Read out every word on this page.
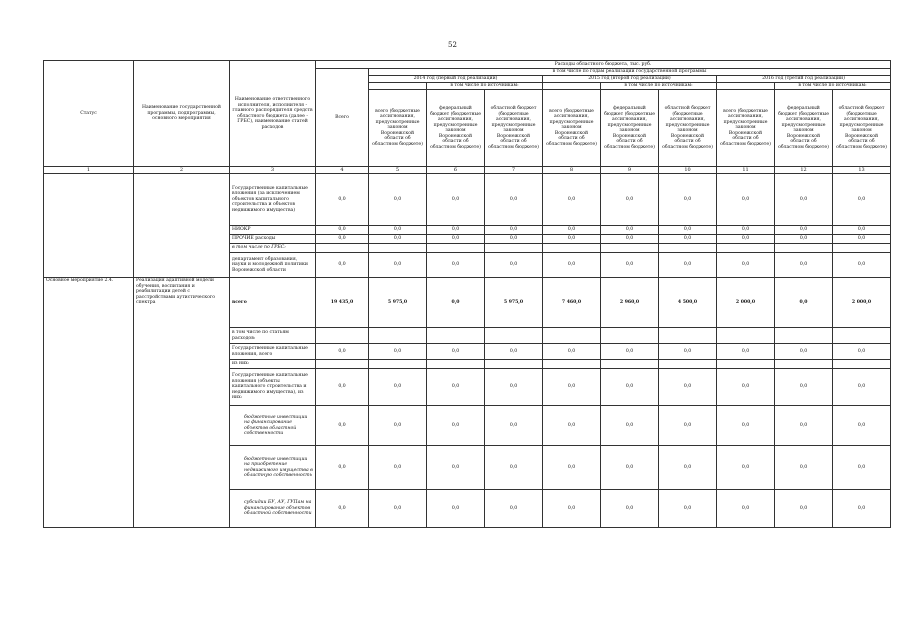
52
Статус	Наименование государственной программы, подпрограммы, основного мероприятия	Наименование ответственного исполнителя, исполнителя - главного распорядителя средств областного бюджета (далее - ГРБС), наименование статей расходов	Расходы областного бюджета, тыс. руб.									
			Всего	в том числе по годам реализации государственной программы								
				2014 год (первый год реализации)			2015 год (второй год реализации)			2016 год (третий год реализации)		
					в том числе по источникам:			в том числе по источникам:			в том числе по источникам:	
				всего (бюджетные ассигнования, предусмотренные законом Воронежской области об областном бюджете)	федеральный бюджет (бюджетные ассигнования, предусмотренные законом Воронежской области об областном бюджете)	областной бюджет (бюджетные ассигнования, предусмотренные законом Воронежской области об областном бюджете)	всего (бюджетные ассигнования, предусмотренные законом Воронежской области об областном бюджете)	федеральный бюджет (бюджетные ассигнования, предусмотренные законом Воронежской области об областном бюджете)	областной бюджет (бюджетные ассигнования, предусмотренные законом Воронежской области об областном бюджете)	всего (бюджетные ассигнования, предусмотренные законом Воронежской области об областном бюджете)	федеральный бюджет (бюджетные ассигнования, предусмотренные законом Воронежской области об областном бюджете)	областной бюджет (бюджетные ассигнования, предусмотренные законом Воронежской области об областном бюджете)
1	2	3	4	5	6	7	8	9	10	11	12	13
		Государственные капитальные вложения (за исключением объектов капитального строительства и объектов недвижимого имущества)	0,0	0,0	0,0	0,0	0,0	0,0	0,0	0,0	0,0	0,0
		НИОКР	0,0	0,0	0,0	0,0	0,0	0,0	0,0	0,0	0,0	0,0
		ПРОЧИЕ расходы	0,0	0,0	0,0	0,0	0,0	0,0	0,0	0,0	0,0	0,0
		в том числе по ГРБС:										
		департамент образования, науки и молодежной политики Воронежской области	0,0	0,0	0,0	0,0	0,0	0,0	0,0	0,0	0,0	0,0
Основное мероприятие 2.4.	Реализация адаптивной модели обучения, воспитания и реабилитации детей с расстройствами аутистического спектра	всего	19 435,0	5 975,0	0,0	5 975,0	7 460,0	2 960,0	4 500,0	2 000,0	0,0	2 000,0
		в том числе по статьям расходов:										
		Государственные капитальные вложения, всего	0,0	0,0	0,0	0,0	0,0	0,0	0,0	0,0	0,0	0,0
		из них:										
		Государственные капитальные вложения (объекты капитального строительства и недвижимого имущества), из них:	0,0	0,0	0,0	0,0	0,0	0,0	0,0	0,0	0,0	0,0
		бюджетные инвестиции на финансирование объектов областной собственности	0,0	0,0	0,0	0,0	0,0	0,0	0,0	0,0	0,0	0,0
		бюджетные инвестиции на приобретение недвижимого имущества в областную собственность	0,0	0,0	0,0	0,0	0,0	0,0	0,0	0,0	0,0	0,0
		субсидии БУ, АУ, ГУПам на финансирование объектов областной собственности	0,0	0,0	0,0	0,0	0,0	0,0	0,0	0,0	0,0	0,0
